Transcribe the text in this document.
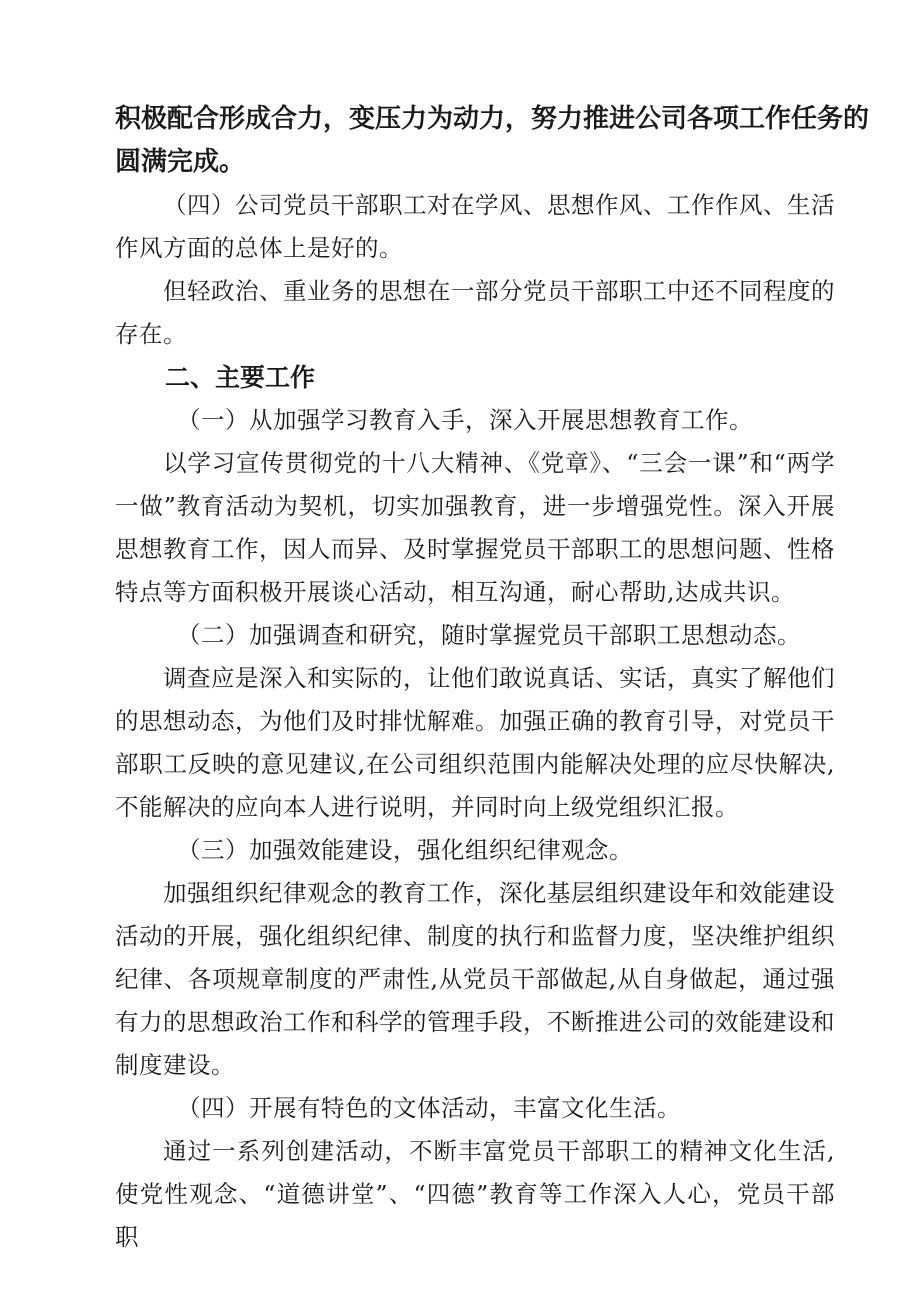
积极配合形成合力，变压力为动力，努力推进公司各项工作任务的

圆满完成。

（四）公司党员干部职工对在学风、思想作风、工作作风、生活作风方面的总体上是好的。

但轻政治、重业务的思想在一部分党员干部职工中还不同程度的存在。

二、主要工作

（一）从加强学习教育入手，深入开展思想教育工作。

以学习宣传贯彻党的十八大精神、《党章》、“三会一课”和“两学一做”教育活动为契机，切实加强教育，进一步增强党性。深入开展思想教育工作，因人而异、及时掌握党员干部职工的思想问题、性格特点等方面积极开展谈心活动，相互沟通，耐心帮助,达成共识。

（二）加强调查和研究，随时掌握党员干部职工思想动态。

调查应是深入和实际的，让他们敢说真话、实话，真实了解他们的思想动态，为他们及时排忧解难。加强正确的教育引导，对党员干部职工反映的意见建议,在公司组织范围内能解决处理的应尽快解决,不能解决的应向本人进行说明，并同时向上级党组织汇报。

（三）加强效能建设，强化组织纪律观念。

加强组织纪律观念的教育工作，深化基层组织建设年和效能建设活动的开展，强化组织纪律、制度的执行和监督力度，坚决维护组织纪律、各项规章制度的严肃性,从党员干部做起,从自身做起，通过强有力的思想政治工作和科学的管理手段，不断推进公司的效能建设和制度建设。

（四）开展有特色的文体活动，丰富文化生活。

通过一系列创建活动，不断丰富党员干部职工的精神文化生活,使党性观念、“道德讲堂”、“四德”教育等工作深入人心，党员干部职
